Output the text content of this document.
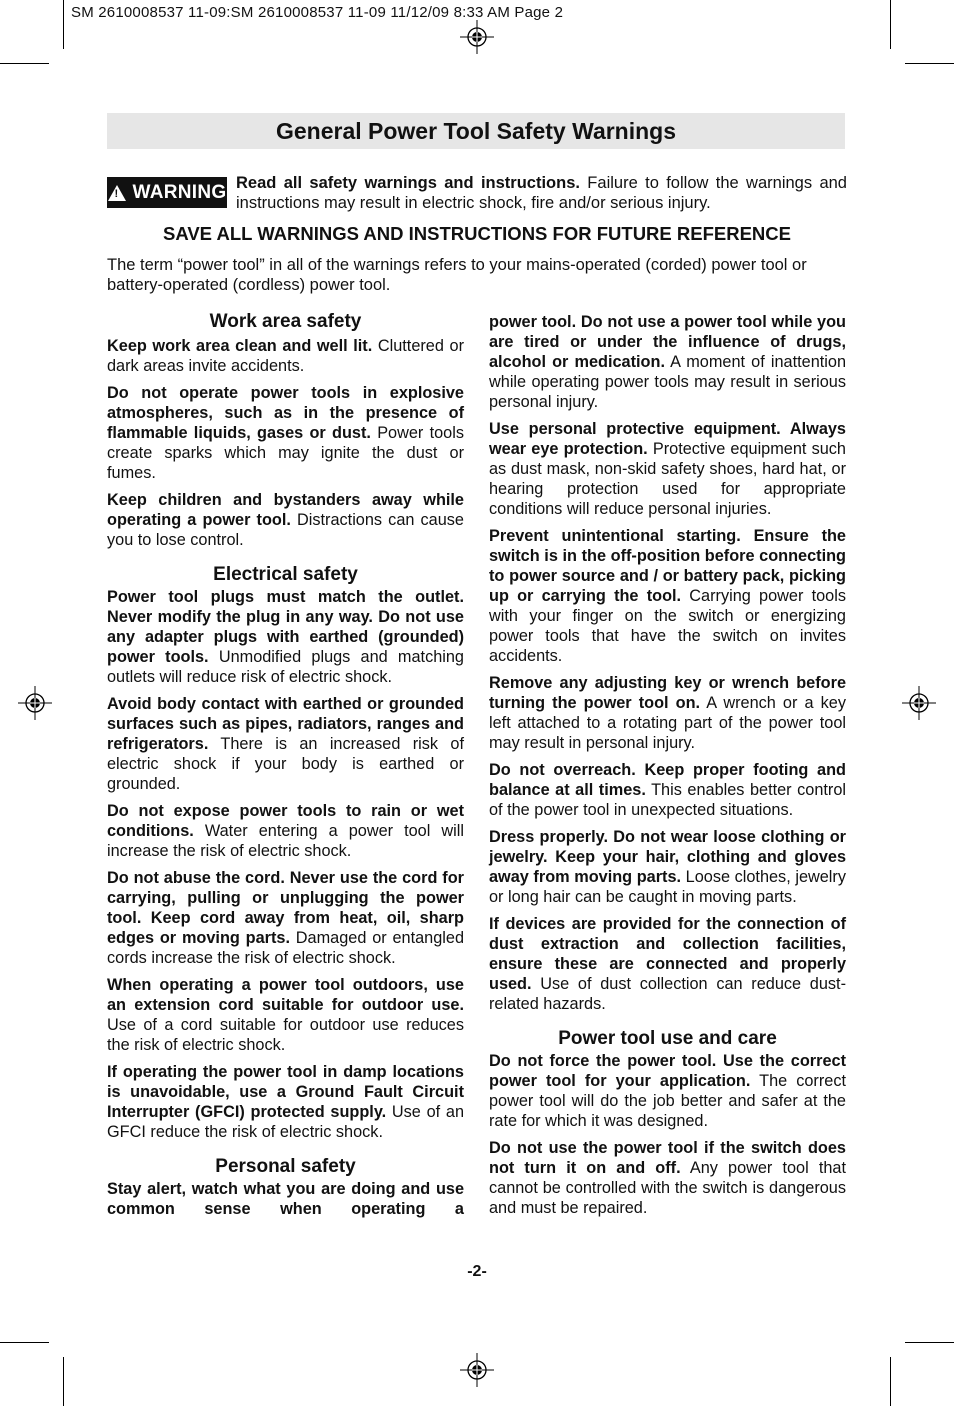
SM 2610008537 11-09:SM 2610008537 11-09 11/12/09 8:33 AM Page 2
General Power Tool Safety Warnings
! WARNING Read all safety warnings and instructions. Failure to follow the warnings and instructions may result in electric shock, fire and/or serious injury.
SAVE ALL WARNINGS AND INSTRUCTIONS FOR FUTURE REFERENCE
The term “power tool” in all of the warnings refers to your mains-operated (corded) power tool or battery-operated (cordless) power tool.
Work area safety

Keep work area clean and well lit. Cluttered or dark areas invite accidents.

Do not operate power tools in explosive atmospheres, such as in the presence of flammable liquids, gases or dust. Power tools create sparks which may ignite the dust or fumes.

Keep children and bystanders away while operating a power tool. Distractions can cause you to lose control.

Electrical safety

Power tool plugs must match the outlet. Never modify the plug in any way. Do not use any adapter plugs with earthed (grounded) power tools. Unmodified plugs and matching outlets will reduce risk of electric shock.

Avoid body contact with earthed or grounded surfaces such as pipes, radiators, ranges and refrigerators. There is an increased risk of electric shock if your body is earthed or grounded.

Do not expose power tools to rain or wet conditions. Water entering a power tool will increase the risk of electric shock.

Do not abuse the cord. Never use the cord for carrying, pulling or unplugging the power tool. Keep cord away from heat, oil, sharp edges or moving parts. Damaged or entangled cords increase the risk of electric shock.

When operating a power tool outdoors, use an extension cord suitable for outdoor use. Use of a cord suitable for outdoor use reduces the risk of electric shock.

If operating the power tool in damp locations is unavoidable, use a Ground Fault Circuit Interrupter (GFCI) protected supply. Use of an GFCI reduce the risk of electric shock.

Personal safety

Stay alert, watch what you are doing and use common sense when operating a

power tool. Do not use a power tool while you are tired or under the influence of drugs, alcohol or medication. A moment of inattention while operating power tools may result in serious personal injury.

Use personal protective equipment. Always wear eye protection. Protective equipment such as dust mask, non-skid safety shoes, hard hat, or hearing protection used for appropriate conditions will reduce personal injuries.

Prevent unintentional starting. Ensure the switch is in the off-position before connecting to power source and / or battery pack, picking up or carrying the tool. Carrying power tools with your finger on the switch or energizing power tools that have the switch on invites accidents.

Remove any adjusting key or wrench before turning the power tool on. A wrench or a key left attached to a rotating part of the power tool may result in personal injury.

Do not overreach. Keep proper footing and balance at all times. This enables better control of the power tool in unexpected situations.

Dress properly. Do not wear loose clothing or jewelry. Keep your hair, clothing and gloves away from moving parts. Loose clothes, jewelry or long hair can be caught in moving parts.

If devices are provided for the connection of dust extraction and collection facilities, ensure these are connected and properly used. Use of dust collection can reduce dust-related hazards.

Power tool use and care

Do not force the power tool. Use the correct power tool for your application. The correct power tool will do the job better and safer at the rate for which it was designed.

Do not use the power tool if the switch does not turn it on and off. Any power tool that cannot be controlled with the switch is dangerous and must be repaired.

-2-
